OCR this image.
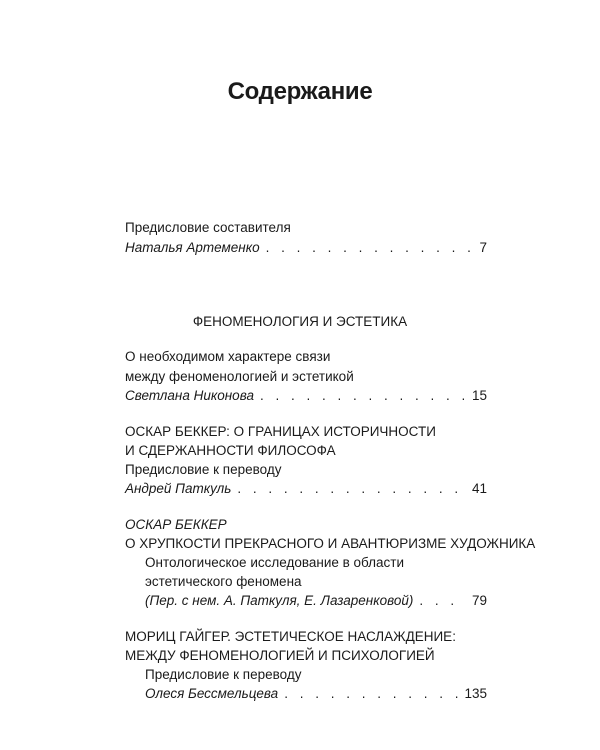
Содержание
Предисловие составителя
Наталья Артеменко . . .	7
ФЕНОМЕНОЛОГИЯ И ЭСТЕТИКА
О необходимом характере связи
между феноменологией и эстетикой
Светлана Никонова . . .	15
ОСКАР БЕККЕР: О ГРАНИЦАХ ИСТОРИЧНОСТИ
И СДЕРЖАННОСТИ ФИЛОСОФА
Предисловие к переводу
Андрей Паткуль . . .	41
ОСКАР БЕККЕР
О ХРУПКОСТИ ПРЕКРАСНОГО И АВАНТЮРИЗМЕ ХУДОЖНИКА
Онтологическое исследование в области
эстетического феномена
(Пер. с нем. А. Паткуля, Е. Лазаренковой) . . .	79
МОРИЦ ГАЙГЕР. ЭСТЕТИЧЕСКОЕ НАСЛАЖДЕНИЕ:
МЕЖДУ ФЕНОМЕНОЛОГИЕЙ И ПСИХОЛОГИЕЙ
Предисловие к переводу
Олеся Бессмельцева . . .	135
